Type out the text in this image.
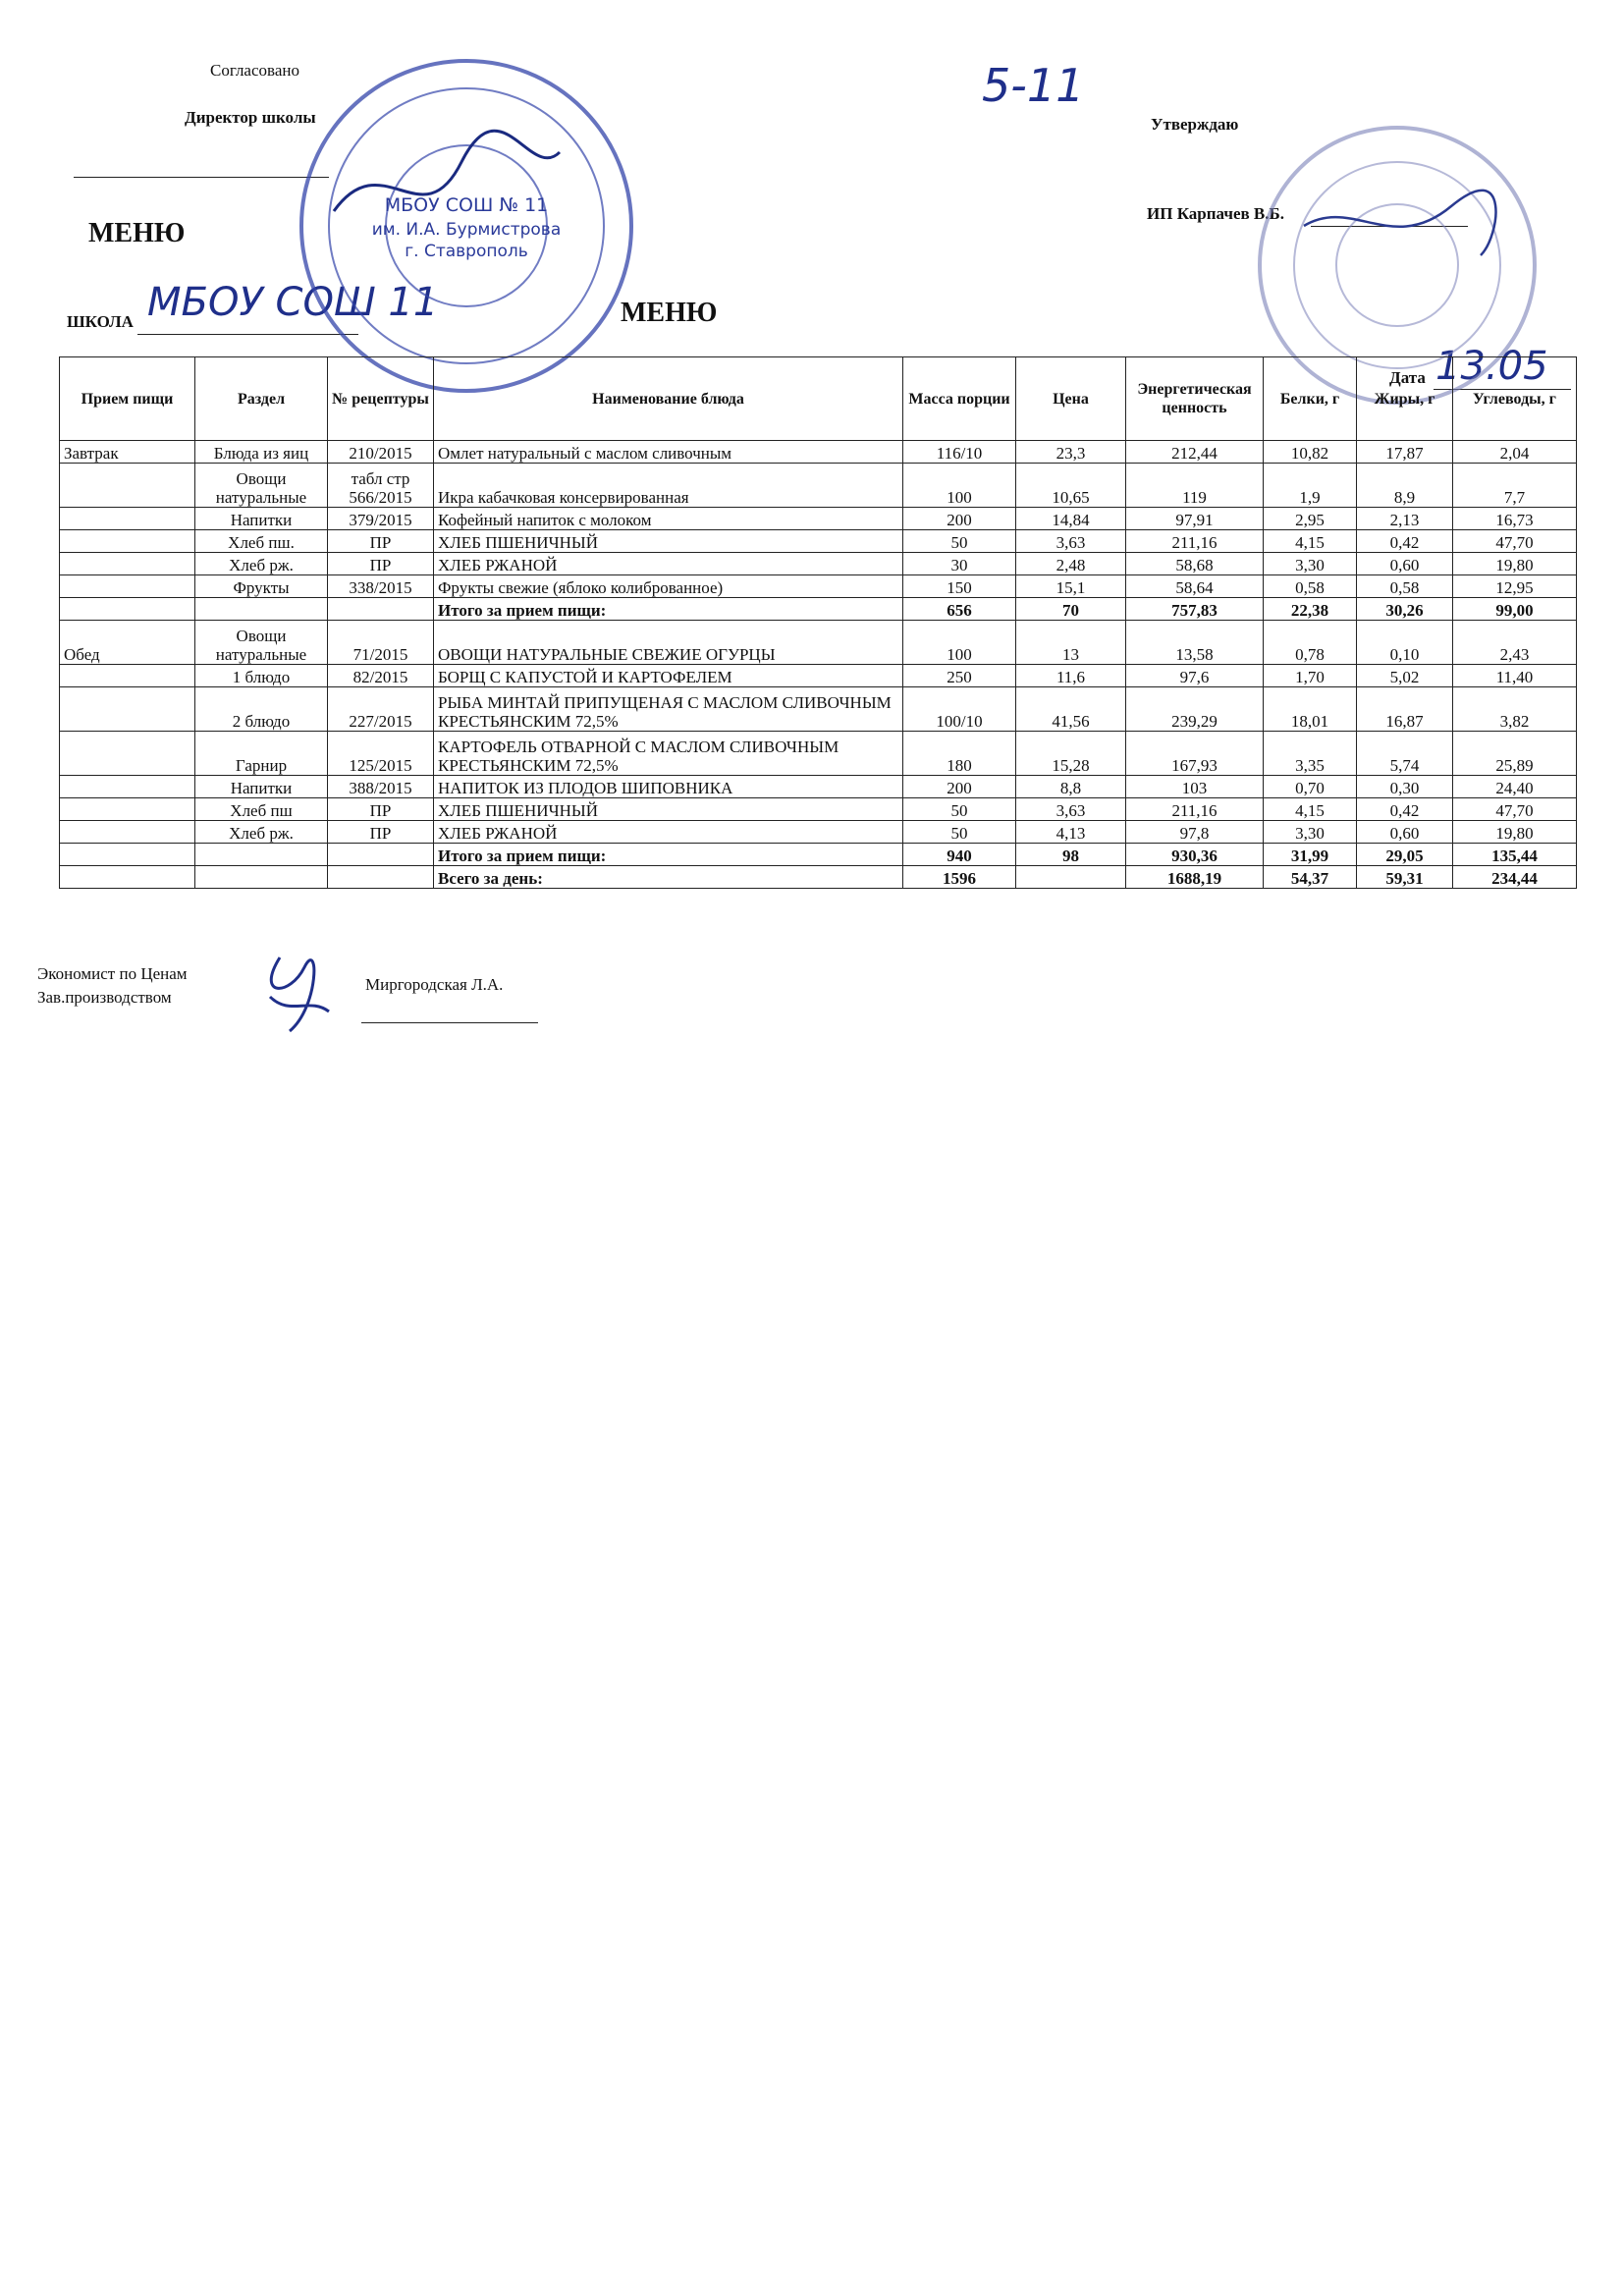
Согласовано
Директор школы
МЕНЮ
ШКОЛА МБОУ СОШ 11	МЕНЮ
5-11
Утверждаю
ИП Карпачев В.Б.
Дата 13.05
МБОУ СОШ № 11
им. И.А. Бурмистрова
г. Ставрополь
Прием пищи	Раздел	№ рецептуры	Наименование блюда	Масса порции	Цена	Энергетическая ценность	Белки, г	Жиры, г	Углеводы, г
Завтрак	Блюда из яиц	210/2015	Омлет натуральный с маслом сливочным	116/10	23,3	212,44	10,82	17,87	2,04
	Овощи натуральные	табл стр 566/2015	Икра кабачковая консервированная	100	10,65	119	1,9	8,9	7,7
	Напитки	379/2015	Кофейный напиток с молоком	200	14,84	97,91	2,95	2,13	16,73
	Хлеб пш.	ПР	ХЛЕБ ПШЕНИЧНЫЙ	50	3,63	211,16	4,15	0,42	47,70
	Хлеб рж.	ПР	ХЛЕБ РЖАНОЙ	30	2,48	58,68	3,30	0,60	19,80
	Фрукты	338/2015	Фрукты свежие (яблоко колиброванное)	150	15,1	58,64	0,58	0,58	12,95
			Итого за прием пищи:	656	70	757,83	22,38	30,26	99,00
Обед	Овощи натуральные	71/2015	ОВОЩИ НАТУРАЛЬНЫЕ СВЕЖИЕ ОГУРЦЫ	100	13	13,58	0,78	0,10	2,43
	1 блюдо	82/2015	БОРЩ С КАПУСТОЙ И КАРТОФЕЛЕМ	250	11,6	97,6	1,70	5,02	11,40
	2 блюдо	227/2015	РЫБА МИНТАЙ ПРИПУЩЕНАЯ С МАСЛОМ СЛИВОЧНЫМ КРЕСТЬЯНСКИМ 72,5%	100/10	41,56	239,29	18,01	16,87	3,82
	Гарнир	125/2015	КАРТОФЕЛЬ ОТВАРНОЙ С МАСЛОМ СЛИВОЧНЫМ КРЕСТЬЯНСКИМ 72,5%	180	15,28	167,93	3,35	5,74	25,89
	Напитки	388/2015	НАПИТОК ИЗ ПЛОДОВ ШИПОВНИКА	200	8,8	103	0,70	0,30	24,40
	Хлеб пш	ПР	ХЛЕБ ПШЕНИЧНЫЙ	50	3,63	211,16	4,15	0,42	47,70
	Хлеб рж.	ПР	ХЛЕБ РЖАНОЙ	50	4,13	97,8	3,30	0,60	19,80
			Итого за прием пищи:	940	98	930,36	31,99	29,05	135,44
			Всего за день:	1596		1688,19	54,37	59,31	234,44
Экономист по Ценам
Зав.производством
Миргородская Л.А.
